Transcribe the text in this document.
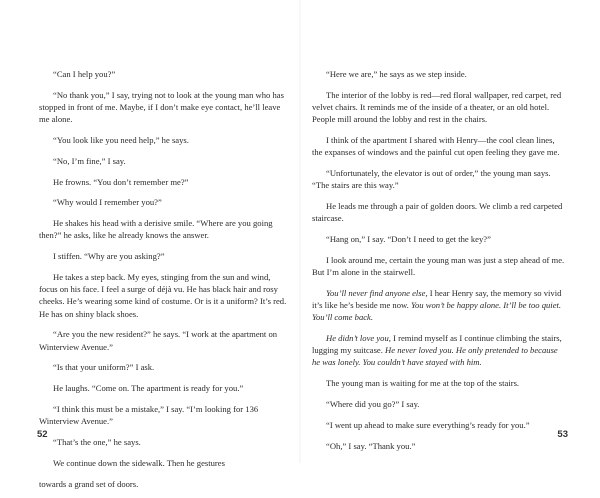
“Can I help you?”

“No thank you,” I say, trying not to look at the young man who has stopped in front of me. Maybe, if I don’t make eye contact, he’ll leave me alone.

“You look like you need help,” he says.

“No, I’m fine,” I say.

He frowns. “You don’t remember me?”

“Why would I remember you?”

He shakes his head with a derisive smile. “Where are you going then?” he asks, like he already knows the answer.

I stiffen. “Why are you asking?”

He takes a step back. My eyes, stinging from the sun and wind, focus on his face. I feel a surge of déjà vu. He has black hair and rosy cheeks. He’s wearing some kind of costume. Or is it a uniform? It’s red. He has on shiny black shoes.

“Are you the new resident?” he says. “I work at the apartment on Winterview Avenue.”

“Is that your uniform?” I ask.

He laughs. “Come on. The apartment is ready for you.”

“I think this must be a mistake,” I say. “I’m looking for 136 Winterview Avenue.”

“That’s the one,” he says.

We continue down the sidewalk. Then he gestures

towards a grand set of doors.

52

“Here we are,” he says as we step inside.

The interior of the lobby is red—red floral wallpaper, red carpet, red velvet chairs. It reminds me of the inside of a theater, or an old hotel. People mill around the lobby and rest in the chairs.

I think of the apartment I shared with Henry—the cool clean lines, the expanses of windows and the painful cut open feeling they gave me.

“Unfortunately, the elevator is out of order,” the young man says. “The stairs are this way.”

He leads me through a pair of golden doors. We climb a red carpeted staircase.

“Hang on,” I say. “Don’t I need to get the key?”

I look around me, certain the young man was just a step ahead of me. But I’m alone in the stairwell.

You’ll never find anyone else, I hear Henry say, the memory so vivid it’s like he’s beside me now. You won’t be happy alone. It’ll be too quiet. You’ll come back.

He didn’t love you, I remind myself as I continue climbing the stairs, lugging my suitcase. He never loved you. He only pretended to because he was lonely. You couldn’t have stayed with him.

The young man is waiting for me at the top of the stairs.

“Where did you go?” I say.

“I went up ahead to make sure everything’s ready for you.”

“Oh,” I say. “Thank you.”

53
